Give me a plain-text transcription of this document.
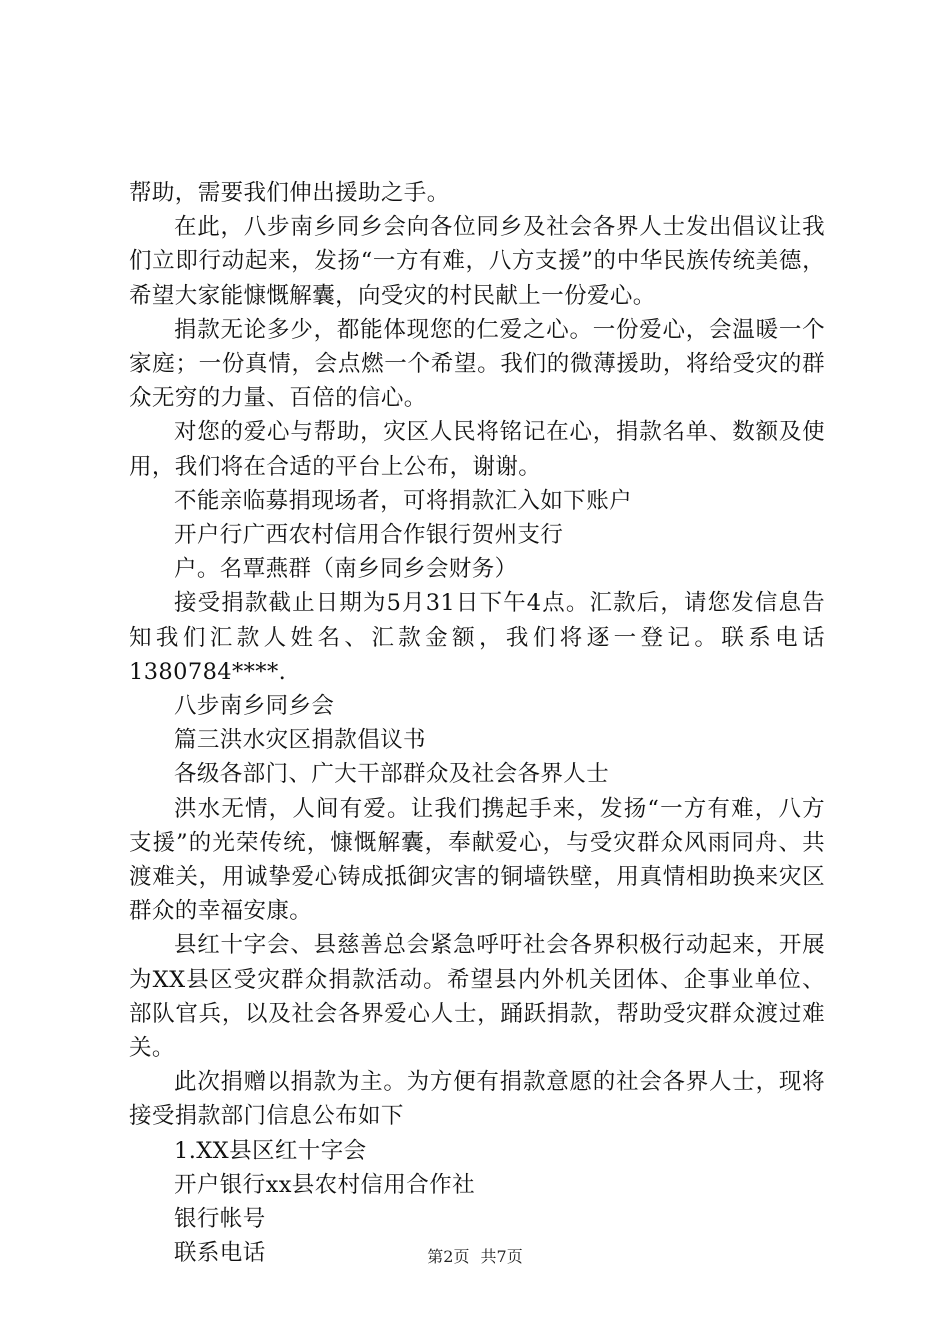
帮助，需要我们伸出援助之手。

在此，八步南乡同乡会向各位同乡及社会各界人士发出倡议让我们立即行动起来，发扬“一方有难，八方支援”的中华民族传统美德，希望大家能慷慨解囊，向受灾的村民献上一份爱心。

捐款无论多少，都能体现您的仁爱之心。一份爱心，会温暖一个家庭；一份真情，会点燃一个希望。我们的微薄援助，将给受灾的群众无穷的力量、百倍的信心。

对您的爱心与帮助，灾区人民将铭记在心，捐款名单、数额及使用，我们将在合适的平台上公布，谢谢。

不能亲临募捐现场者，可将捐款汇入如下账户

开户行广西农村信用合作银行贺州支行

户。名覃燕群（南乡同乡会财务）

接受捐款截止日期为5月31日下午4点。汇款后，请您发信息告知我们汇款人姓名、汇款金额，我们将逐一登记。联系电话1380784****.

八步南乡同乡会

篇三洪水灾区捐款倡议书

各级各部门、广大干部群众及社会各界人士

洪水无情，人间有爱。让我们携起手来，发扬“一方有难，八方支援”的光荣传统，慷慨解囊，奉献爱心，与受灾群众风雨同舟、共渡难关，用诚挚爱心铸成抵御灾害的铜墙铁壁，用真情相助换来灾区群众的幸福安康。

县红十字会、县慈善总会紧急呼吁社会各界积极行动起来，开展为XX县区受灾群众捐款活动。希望县内外机关团体、企事业单位、部队官兵，以及社会各界爱心人士，踊跃捐款，帮助受灾群众渡过难关。

此次捐赠以捐款为主。为方便有捐款意愿的社会各界人士，现将接受捐款部门信息公布如下

1.XX县区红十字会

开户银行xx县农村信用合作社

银行帐号

联系电话	第2页 共7页
